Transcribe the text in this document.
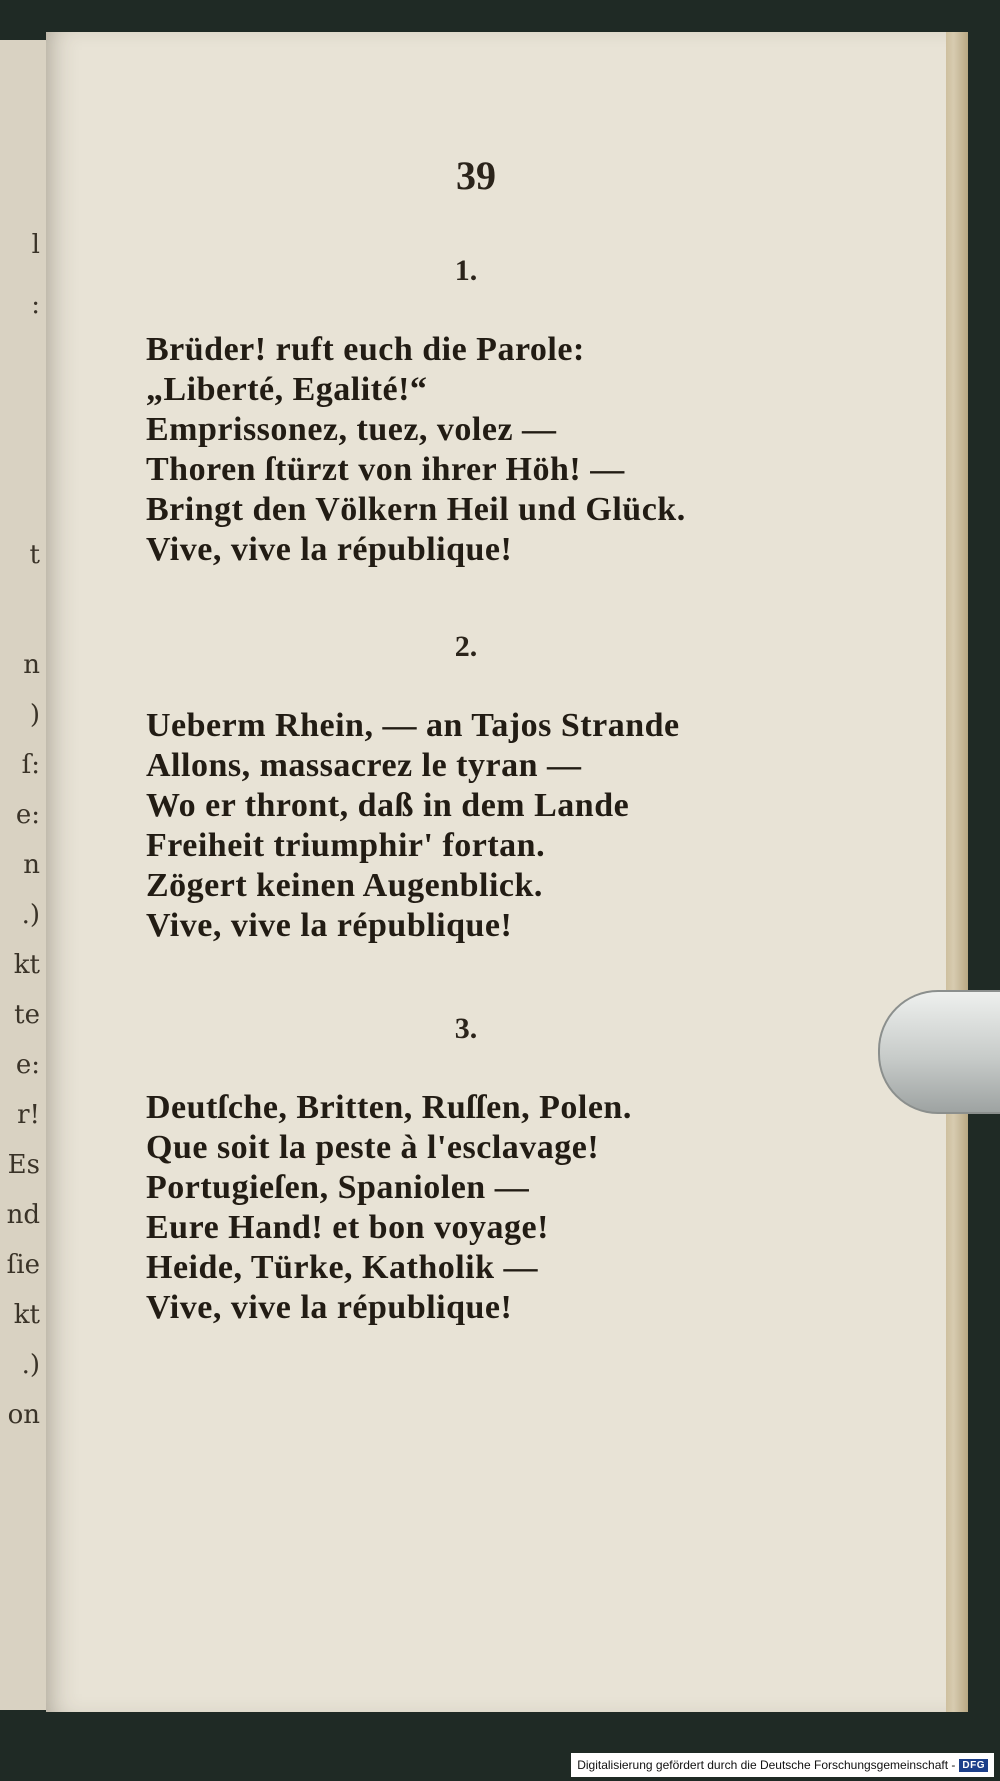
l
:
t
n
)
ſ:
e:
n
.)
kt
te
e:
r!
Es
nd
ſie
kt
.)
on
39
1.
Brüder! ruft euch die Parole:
„Liberté, Egalité!“
Emprissonez, tuez, volez —
Thoren ſtürzt von ihrer Höh! —
Bringt den Völkern Heil und Glück.
Vive, vive la république!
2.
Ueberm Rhein, — an Tajos Strande
Allons, massacrez le tyran —
Wo er thront, daß in dem Lande
Freiheit triumphir' fortan.
Zögert keinen Augenblick.
Vive, vive la république!
3.
Deutſche, Britten, Ruſſen, Polen.
Que soit la peste à l'esclavage!
Portugieſen, Spaniolen —
Eure Hand! et bon voyage!
Heide, Türke, Katholik —
Vive, vive la république!
Digitalisierung gefördert durch die Deutsche Forschungsgemeinschaft - DFG
